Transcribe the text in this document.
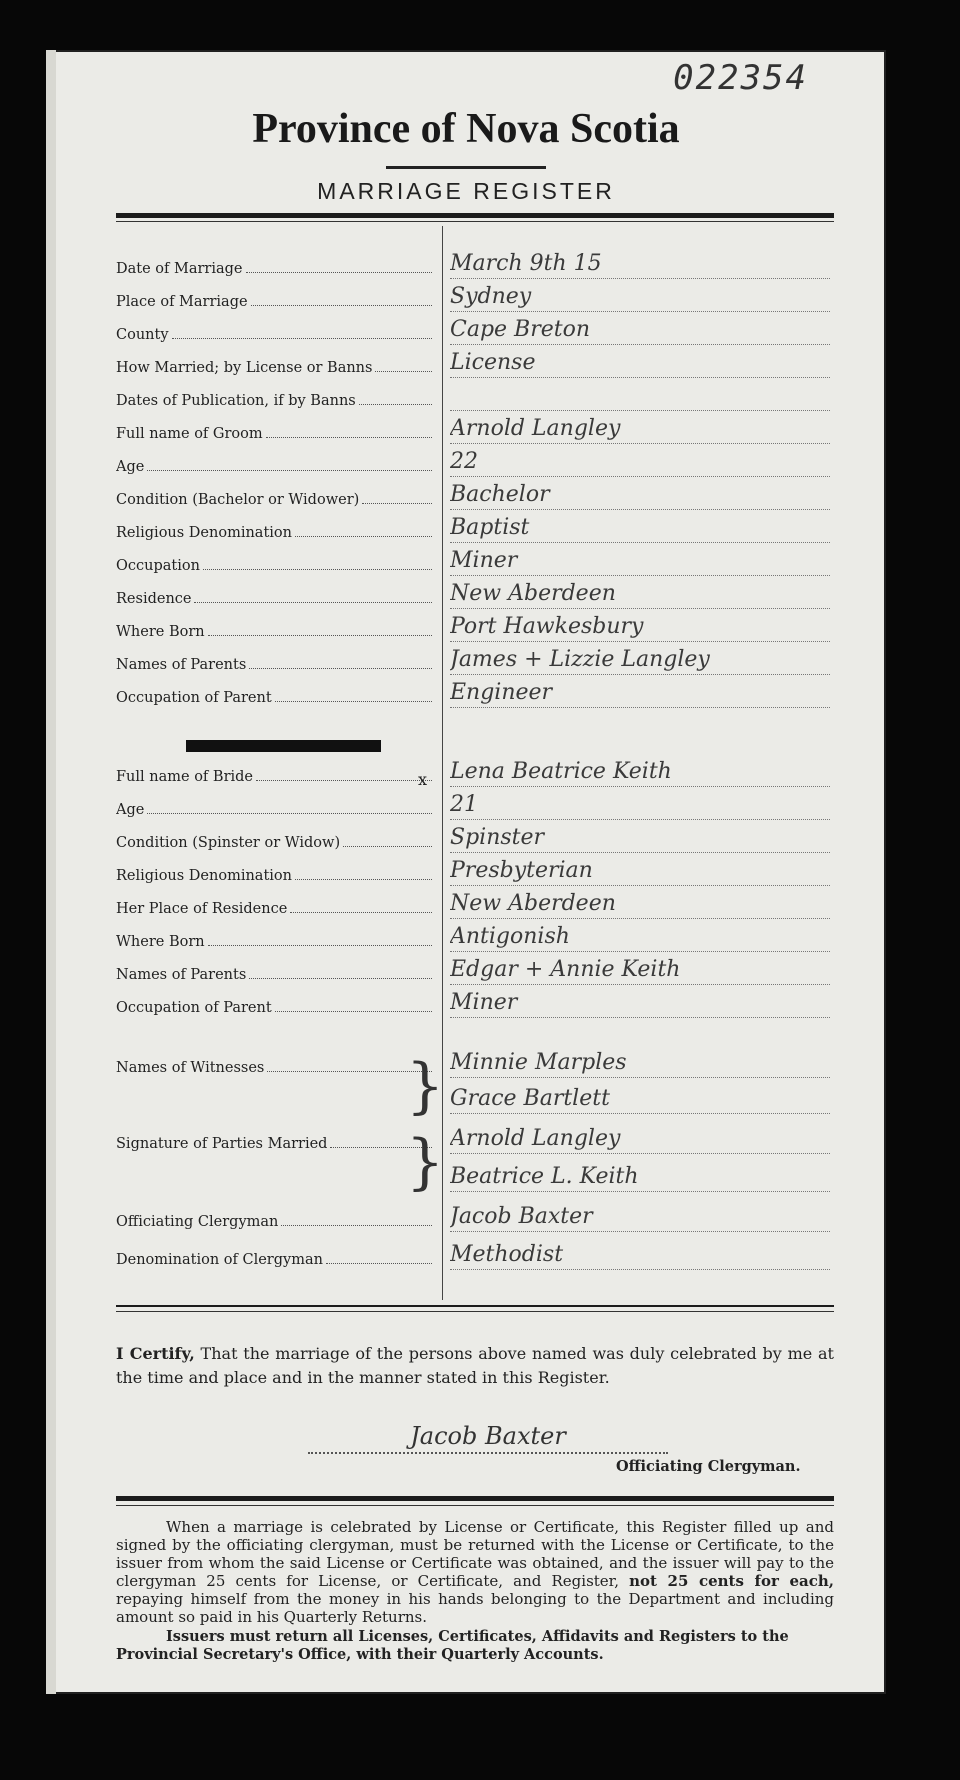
022354
Province of Nova Scotia
MARRIAGE REGISTER
Date of Marriage	March 9th 15
Place of Marriage	Sydney
County	Cape Breton
How Married; by License or Banns	License
Dates of Publication, if by Banns
Full name of Groom	Arnold Langley
Age	22
Condition (Bachelor or Widower)	Bachelor
Religious Denomination	Baptist
Occupation	Miner
Residence	New Aberdeen
Where Born	Port Hawkesbury
Names of Parents	James + Lizzie Langley
Occupation of Parent	Engineer
Full name of Bride	Lena Beatrice Keith
Age	21
Condition (Spinster or Widow)	Spinster
Religious Denomination	Presbyterian
Her Place of Residence	New Aberdeen
Where Born	Antigonish
Names of Parents	Edgar + Annie Keith
Occupation of Parent	Miner
Names of Witnesses	Minnie Marples
Grace Bartlett
Signature of Parties Married	Arnold Langley
Beatrice L. Keith
Officiating Clergyman	Jacob Baxter
Denomination of Clergyman	Methodist
x
}
}
I Certify, That the marriage of the persons above named was duly celebrated by me at the time and place and in the manner stated in this Register.
Jacob Baxter
Officiating Clergyman.
When a marriage is celebrated by License or Certificate, this Register filled up and signed by the officiating clergyman, must be returned with the License or Certificate, to the issuer from whom the said License or Certificate was obtained, and the issuer will pay to the clergyman 25 cents for License, or Certificate, and Register, not 25 cents for each, repaying himself from the money in his hands belonging to the Department and including amount so paid in his Quarterly Returns.
Issuers must return all Licenses, Certificates, Affidavits and Registers to the Provincial Secretary's Office, with their Quarterly Accounts.
